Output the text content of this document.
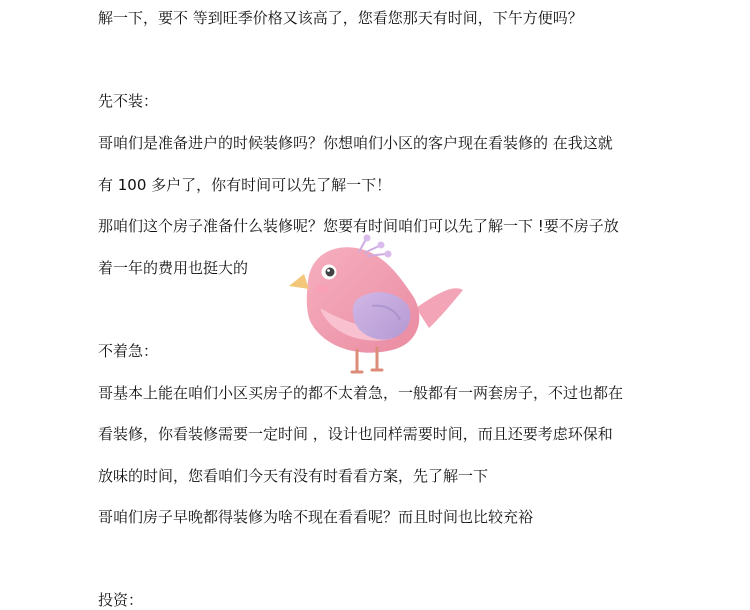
解一下，要不 等到旺季价格又该高了，您看您那天有时间，下午方便吗？
先不装：
哥咱们是准备进户的时候装修吗？你想咱们小区的客户现在看装修的 在我这就
有 100 多户了，你有时间可以先了解一下！
那咱们这个房子准备什么装修呢？您要有时间咱们可以先了解一下 !要不房子放
着一年的费用也挺大的
不着急：
哥基本上能在咱们小区买房子的都不太着急，一般都有一两套房子，不过也都在
看装修，你看装修需要一定时间 ，设计也同样需要时间，而且还要考虑环保和
放味的时间，您看咱们今天有没有时看看方案，先了解一下
哥咱们房子早晚都得装修为啥不现在看看呢？而且时间也比较充裕
投资：
